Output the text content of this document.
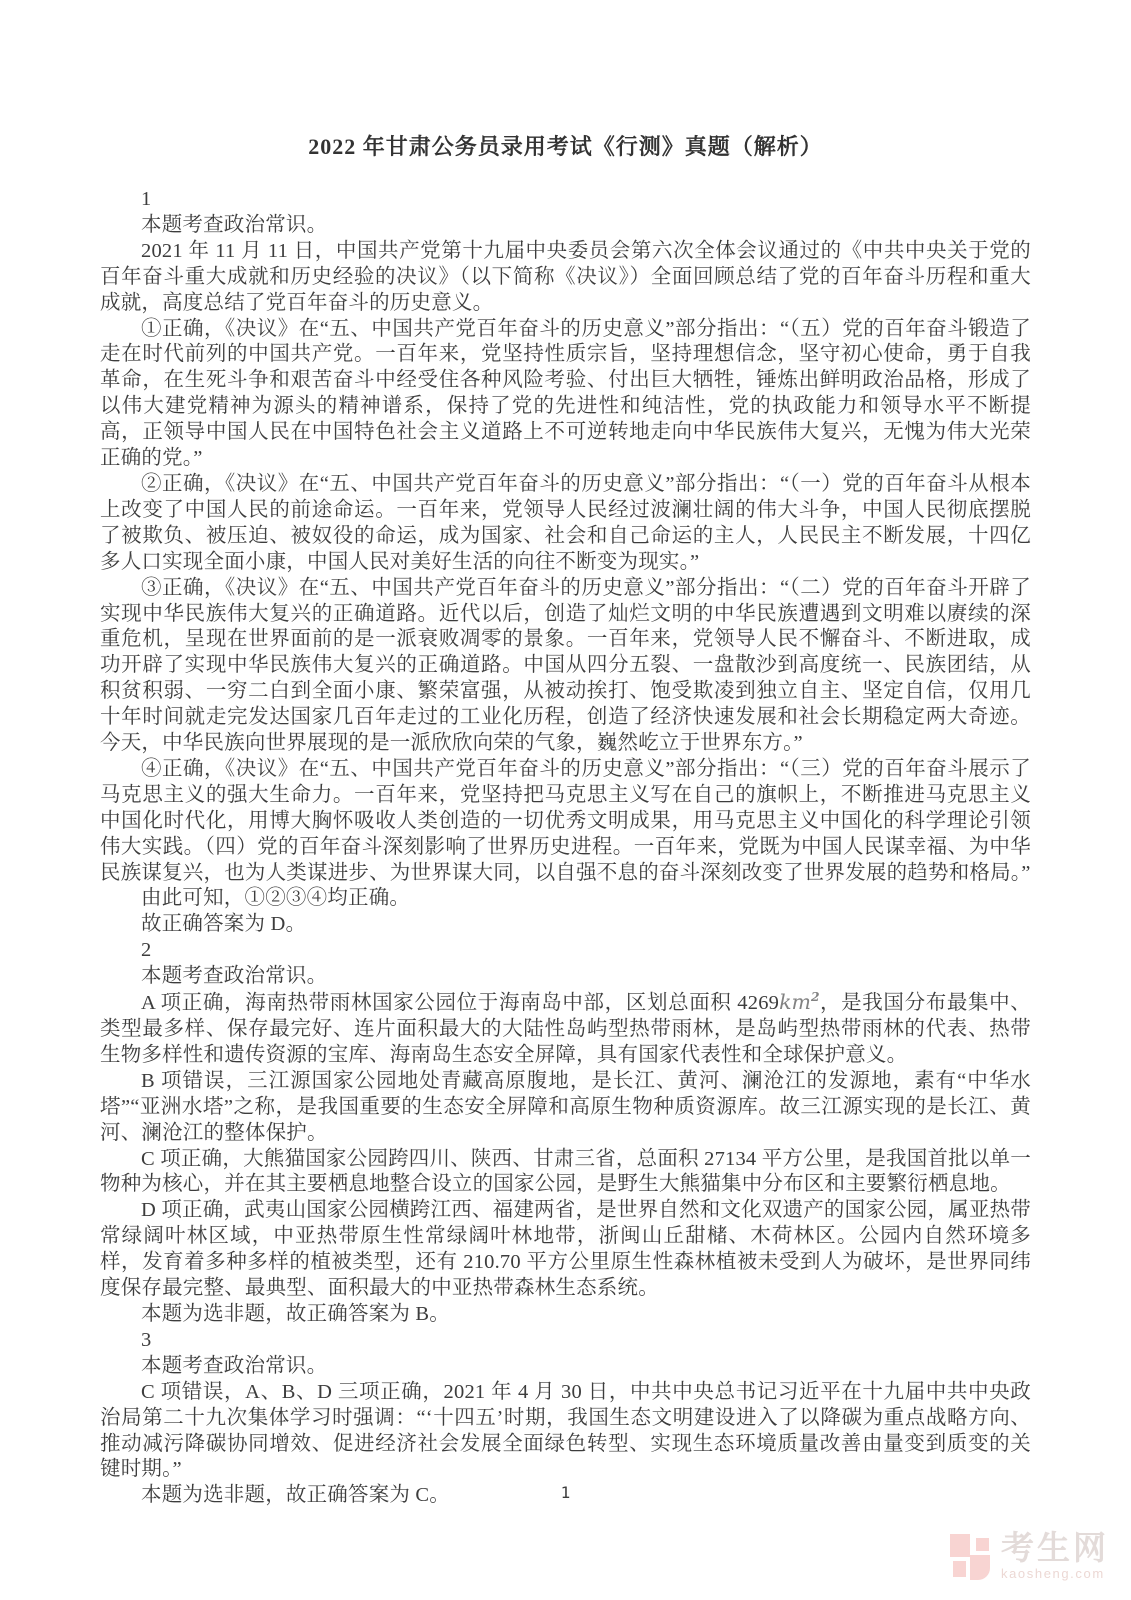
2022 年甘肃公务员录用考试《行测》真题（解析）

1

本题考查政治常识。

2021 年 11 月 11 日，中国共产党第十九届中央委员会第六次全体会议通过的《中共中央关于党的百年奋斗重大成就和历史经验的决议》（以下简称《决议》）全面回顾总结了党的百年奋斗历程和重大成就，高度总结了党百年奋斗的历史意义。

①正确，《决议》在“五、中国共产党百年奋斗的历史意义”部分指出：“（五）党的百年奋斗锻造了走在时代前列的中国共产党。一百年来，党坚持性质宗旨，坚持理想信念，坚守初心使命，勇于自我革命，在生死斗争和艰苦奋斗中经受住各种风险考验、付出巨大牺牲，锤炼出鲜明政治品格，形成了以伟大建党精神为源头的精神谱系，保持了党的先进性和纯洁性，党的执政能力和领导水平不断提高，正领导中国人民在中国特色社会主义道路上不可逆转地走向中华民族伟大复兴，无愧为伟大光荣正确的党。”

②正确，《决议》在“五、中国共产党百年奋斗的历史意义”部分指出：“（一）党的百年奋斗从根本上改变了中国人民的前途命运。一百年来，党领导人民经过波澜壮阔的伟大斗争，中国人民彻底摆脱了被欺负、被压迫、被奴役的命运，成为国家、社会和自己命运的主人，人民民主不断发展，十四亿多人口实现全面小康，中国人民对美好生活的向往不断变为现实。”

③正确，《决议》在“五、中国共产党百年奋斗的历史意义”部分指出：“（二）党的百年奋斗开辟了实现中华民族伟大复兴的正确道路。近代以后，创造了灿烂文明的中华民族遭遇到文明难以赓续的深重危机，呈现在世界面前的是一派衰败凋零的景象。一百年来，党领导人民不懈奋斗、不断进取，成功开辟了实现中华民族伟大复兴的正确道路。中国从四分五裂、一盘散沙到高度统一、民族团结，从积贫积弱、一穷二白到全面小康、繁荣富强，从被动挨打、饱受欺凌到独立自主、坚定自信，仅用几十年时间就走完发达国家几百年走过的工业化历程，创造了经济快速发展和社会长期稳定两大奇迹。今天，中华民族向世界展现的是一派欣欣向荣的气象，巍然屹立于世界东方。”

④正确，《决议》在“五、中国共产党百年奋斗的历史意义”部分指出：“（三）党的百年奋斗展示了马克思主义的强大生命力。一百年来，党坚持把马克思主义写在自己的旗帜上，不断推进马克思主义中国化时代化，用博大胸怀吸收人类创造的一切优秀文明成果，用马克思主义中国化的科学理论引领伟大实践。（四）党的百年奋斗深刻影响了世界历史进程。一百年来，党既为中国人民谋幸福、为中华民族谋复兴，也为人类谋进步、为世界谋大同，以自强不息的奋斗深刻改变了世界发展的趋势和格局。”

由此可知，①②③④均正确。

故正确答案为 D。

2

本题考查政治常识。

A 项正确，海南热带雨林国家公园位于海南岛中部，区划总面积 $4269km^2$，是我国分布最集中、类型最多样、保存最完好、连片面积最大的大陆性岛屿型热带雨林，是岛屿型热带雨林的代表、热带生物多样性和遗传资源的宝库、海南岛生态安全屏障，具有国家代表性和全球保护意义。

B 项错误，三江源国家公园地处青藏高原腹地，是长江、黄河、澜沧江的发源地，素有“中华水塔”“亚洲水塔”之称，是我国重要的生态安全屏障和高原生物种质资源库。故三江源实现的是长江、黄河、澜沧江的整体保护。

C 项正确，大熊猫国家公园跨四川、陕西、甘肃三省，总面积 27134 平方公里，是我国首批以单一物种为核心，并在其主要栖息地整合设立的国家公园，是野生大熊猫集中分布区和主要繁衍栖息地。

D 项正确，武夷山国家公园横跨江西、福建两省，是世界自然和文化双遗产的国家公园，属亚热带常绿阔叶林区域，中亚热带原生性常绿阔叶林地带，浙闽山丘甜槠、木荷林区。公园内自然环境多样，发育着多种多样的植被类型，还有 210.70 平方公里原生性森林植被未受到人为破坏，是世界同纬度保存最完整、最典型、面积最大的中亚热带森林生态系统。

本题为选非题，故正确答案为 B。

3

本题考查政治常识。

C 项错误，A、B、D 三项正确，2021 年 4 月 30 日，中共中央总书记习近平在十九届中共中央政治局第二十九次集体学习时强调：“‘十四五’时期，我国生态文明建设进入了以降碳为重点战略方向、推动减污降碳协同增效、促进经济社会发展全面绿色转型、实现生态环境质量改善由量变到质变的关键时期。”

本题为选非题，故正确答案为 C。	1
考生网
kaosheng.com
